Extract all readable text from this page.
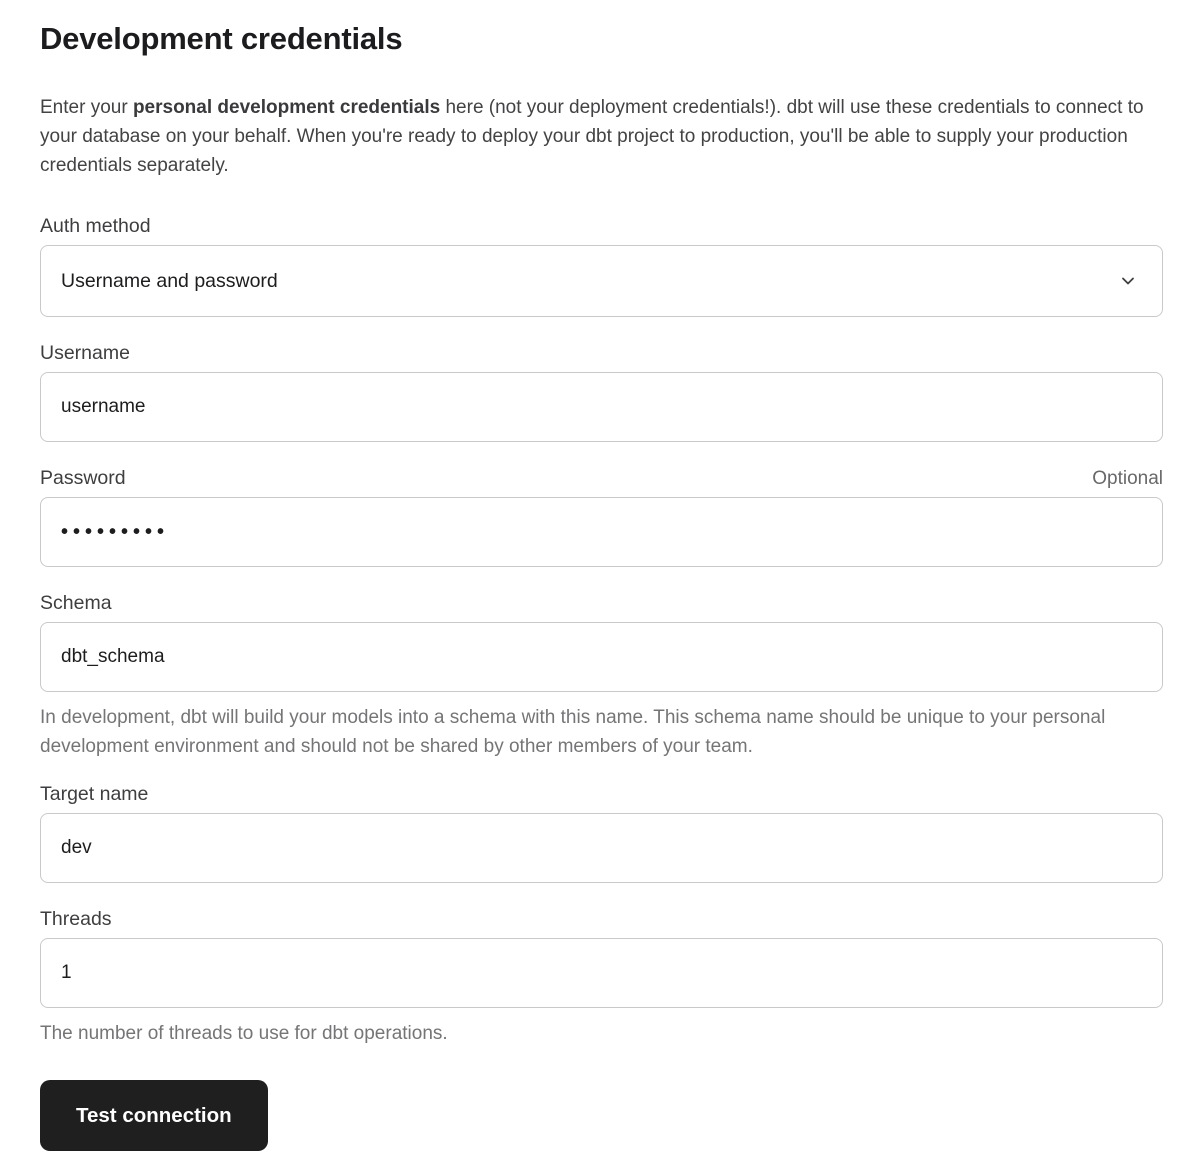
Development credentials

Enter your personal development credentials here (not your deployment credentials!). dbt will use these credentials to connect to your database on your behalf. When you're ready to deploy your dbt project to production, you'll be able to supply your production credentials separately.

Auth method
Username and password
Username
username
Password	Optional
•••••••••
Schema
dbt_schema

In development, dbt will build your models into a schema with this name. This schema name should be unique to your personal development environment and should not be shared by other members of your team.

Target name
dev
Threads
1

The number of threads to use for dbt operations.

Test connection
